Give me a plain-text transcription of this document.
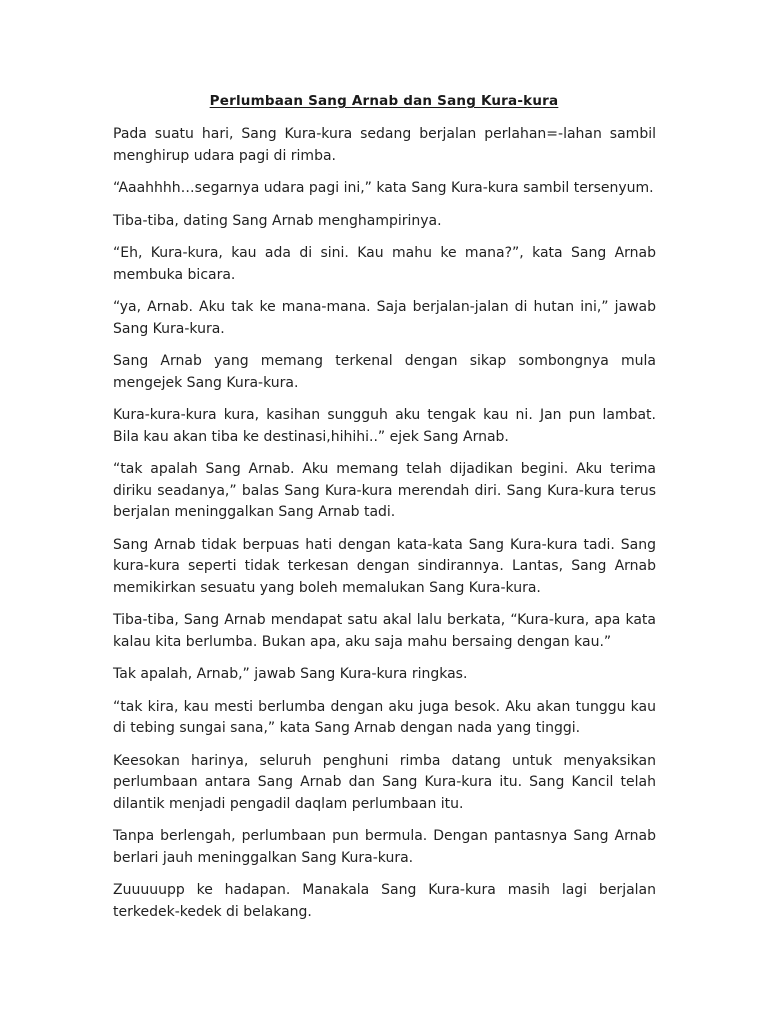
Perlumbaan Sang Arnab dan Sang Kura-kura

Pada suatu hari, Sang Kura-kura sedang berjalan perlahan=-lahan sambil menghirup udara pagi di rimba.

“Aaahhhh…segarnya udara pagi ini,” kata Sang Kura-kura sambil tersenyum.

Tiba-tiba, dating Sang Arnab menghampirinya.

“Eh, Kura-kura, kau ada di sini. Kau mahu ke mana?”, kata Sang Arnab membuka bicara.

“ya, Arnab. Aku tak ke mana-mana. Saja berjalan-jalan di hutan ini,” jawab Sang Kura-kura.

Sang Arnab yang memang terkenal dengan sikap sombongnya mula mengejek Sang Kura-kura.

Kura-kura-kura kura, kasihan sungguh aku tengak kau ni. Jan pun lambat. Bila kau akan tiba ke destinasi,hihihi..” ejek Sang Arnab.

“tak apalah Sang Arnab. Aku memang telah dijadikan begini. Aku terima diriku seadanya,” balas Sang Kura-kura merendah diri. Sang Kura-kura terus berjalan meninggalkan Sang Arnab tadi.

Sang Arnab tidak berpuas hati dengan kata-kata Sang Kura-kura tadi. Sang kura-kura seperti tidak terkesan dengan sindirannya. Lantas, Sang Arnab memikirkan sesuatu yang boleh memalukan Sang Kura-kura.

Tiba-tiba, Sang Arnab mendapat satu akal lalu berkata, “Kura-kura, apa kata kalau kita berlumba. Bukan apa, aku saja mahu bersaing dengan kau.”

Tak apalah, Arnab,” jawab Sang Kura-kura ringkas.

“tak kira, kau mesti berlumba dengan aku juga besok. Aku akan tunggu kau di tebing sungai sana,” kata Sang Arnab dengan nada yang tinggi.

Keesokan harinya, seluruh penghuni rimba datang untuk menyaksikan perlumbaan antara Sang Arnab dan Sang Kura-kura itu. Sang Kancil telah dilantik menjadi pengadil daqlam perlumbaan itu.

Tanpa berlengah, perlumbaan pun bermula. Dengan pantasnya Sang Arnab berlari jauh meninggalkan Sang Kura-kura.

Zuuuuupp ke hadapan. Manakala Sang Kura-kura masih lagi berjalan terkedek-kedek di belakang.
